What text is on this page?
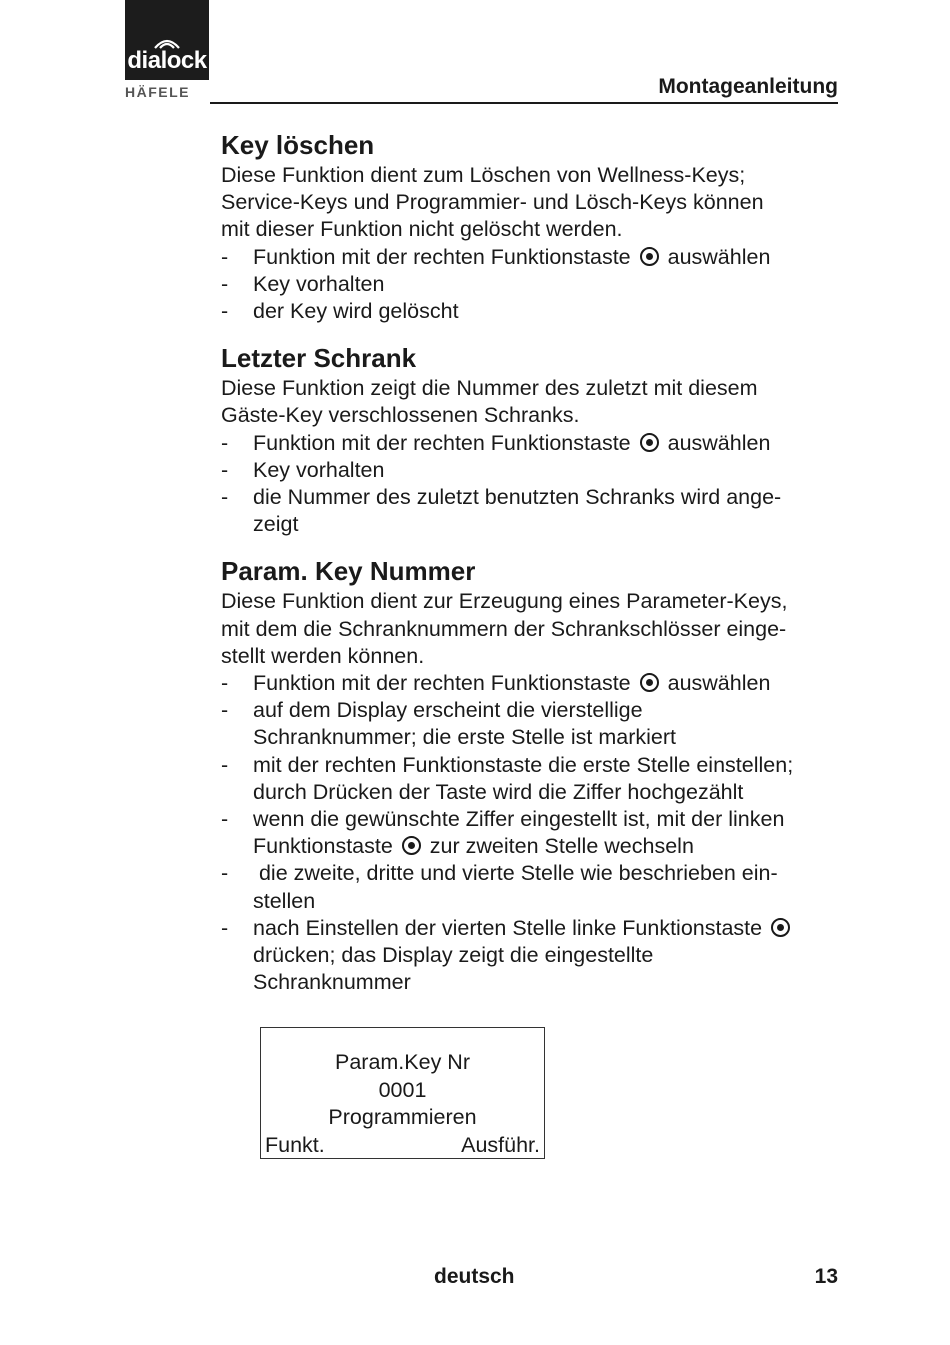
dialock
HÄFELE	Montageanleitung
Key löschen
Diese Funktion dient zum Löschen von Wellness-Keys;
Service-Keys und Programmier- und Lösch-Keys können
mit dieser Funktion nicht gelöscht werden.
- Funktion mit der rechten Funktionstaste auswählen
- Key vorhalten
- der Key wird gelöscht
Letzter Schrank
Diese Funktion zeigt die Nummer des zuletzt mit diesem
Gäste-Key verschlossenen Schranks.
- Funktion mit der rechten Funktionstaste auswählen
- Key vorhalten
- die Nummer des zuletzt benutzten Schranks wird ange-
zeigt
Param. Key Nummer
Diese Funktion dient zur Erzeugung eines Parameter-Keys,
mit dem die Schranknummern der Schrankschlösser einge-
stellt werden können.
- Funktion mit der rechten Funktionstaste auswählen
- auf dem Display erscheint die vierstellige
Schranknummer; die erste Stelle ist markiert
- mit der rechten Funktionstaste die erste Stelle einstellen;
durch Drücken der Taste wird die Ziffer hochgezählt
- wenn die gewünschte Ziffer eingestellt ist, mit der linken
Funktionstaste zur zweiten Stelle wechseln
- die zweite, dritte und vierte Stelle wie beschrieben ein-
stellen
- nach Einstellen der vierten Stelle linke Funktionstaste
drücken; das Display zeigt die eingestellte
Schranknummer
Param.Key Nr
0001
Programmieren
Funkt.	Ausführ.
deutsch	13
